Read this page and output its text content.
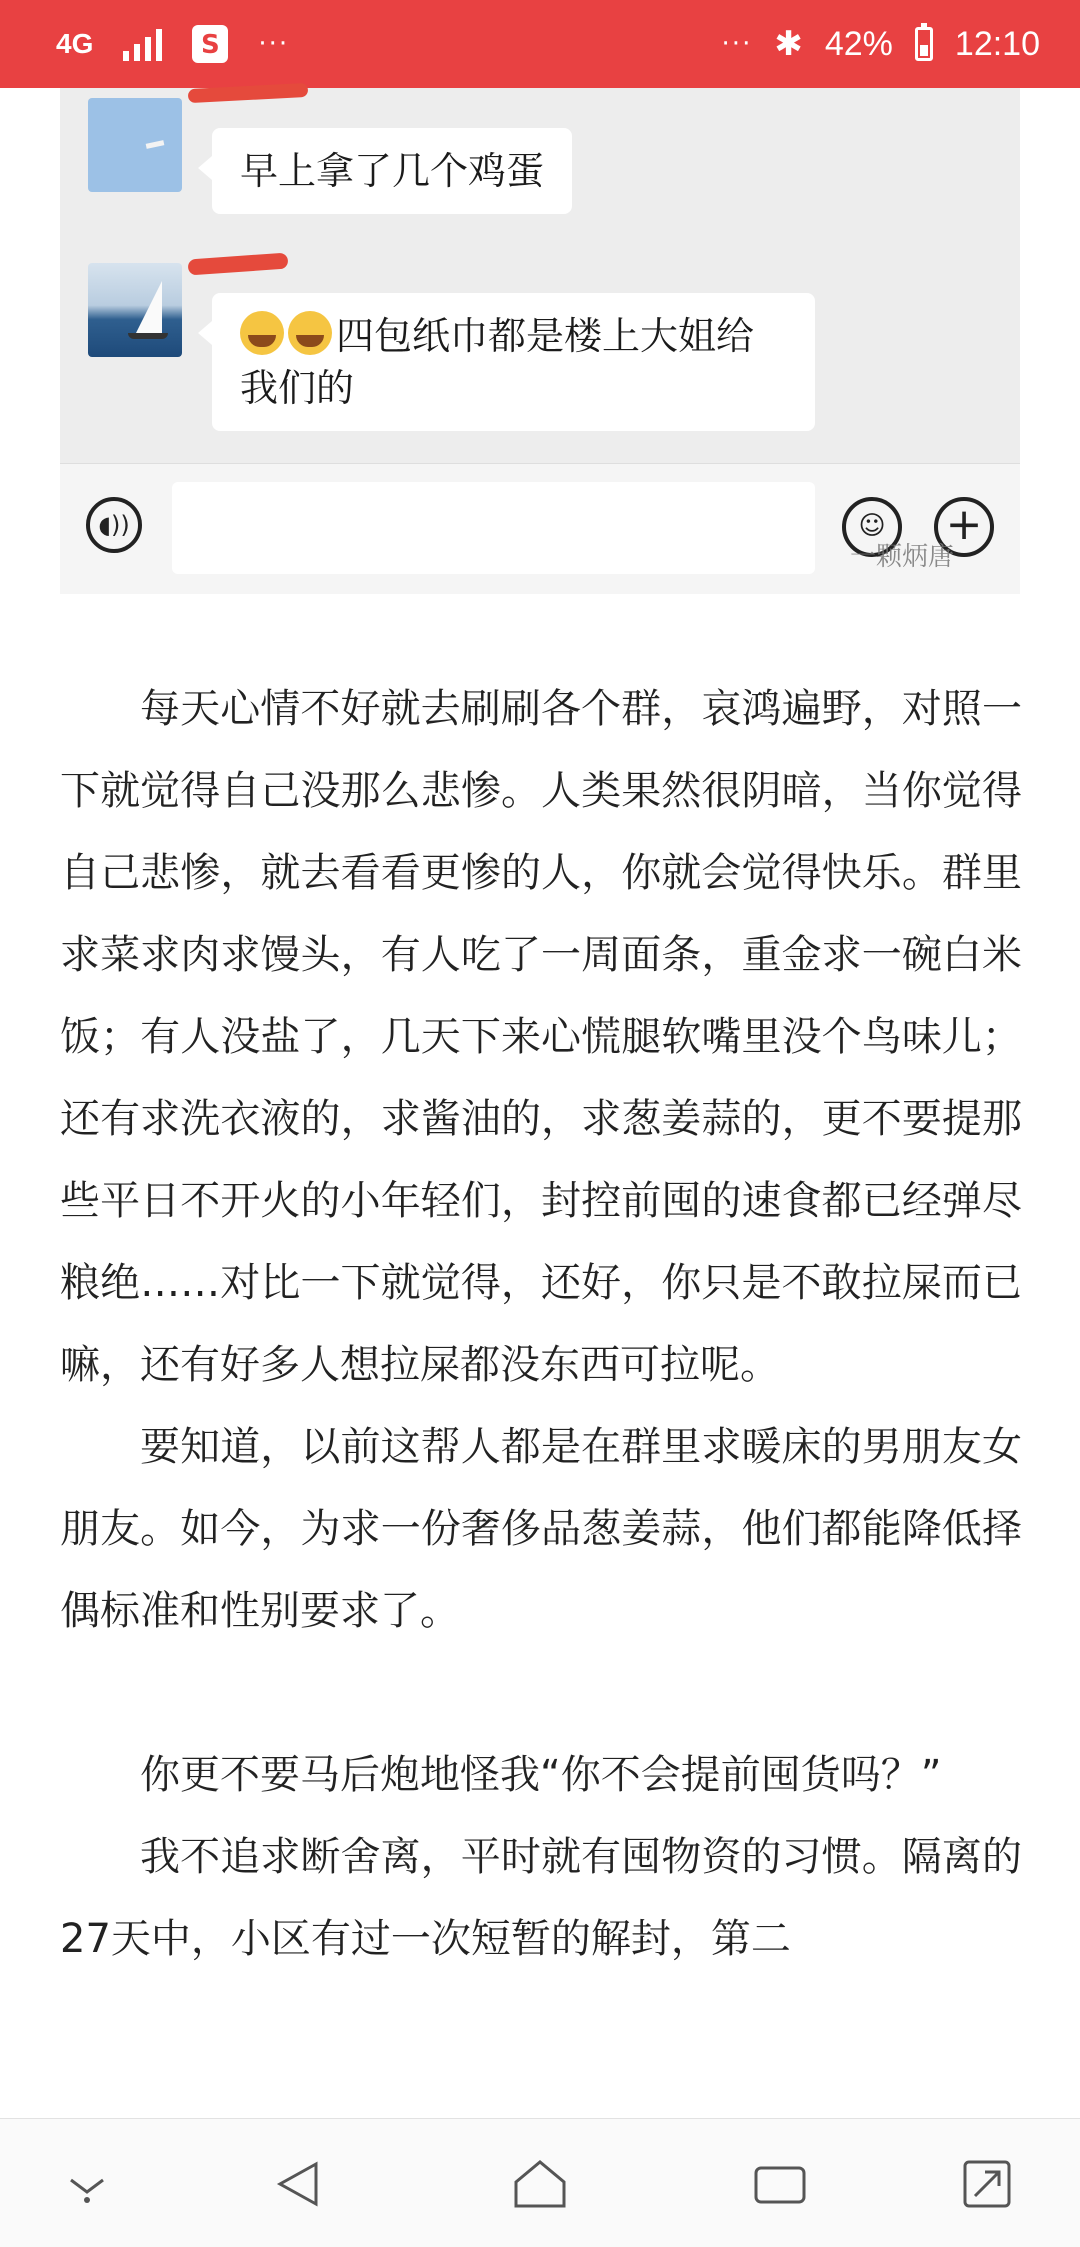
4G	S	···	··· ✱ 42% 12:10
早上拿了几个鸡蛋
四包纸巾都是楼上大姐给我们的
◖))	☺	+
一颗炳唐

每天心情不好就去刷刷各个群，哀鸿遍野，对照一下就觉得自己没那么悲惨。人类果然很阴暗，当你觉得自己悲惨，就去看看更惨的人，你就会觉得快乐。群里求菜求肉求馒头，有人吃了一周面条，重金求一碗白米饭；有人没盐了，几天下来心慌腿软嘴里没个鸟味儿；还有求洗衣液的，求酱油的，求葱姜蒜的，更不要提那些平日不开火的小年轻们，封控前囤的速食都已经弹尽粮绝……对比一下就觉得，还好，你只是不敢拉屎而已嘛，还有好多人想拉屎都没东西可拉呢。

要知道，以前这帮人都是在群里求暖床的男朋友女朋友。如今，为求一份奢侈品葱姜蒜，他们都能降低择偶标准和性别要求了。

你更不要马后炮地怪我“你不会提前囤货吗？”

我不追求断舍离，平时就有囤物资的习惯。隔离的27天中，小区有过一次短暂的解封，第二
